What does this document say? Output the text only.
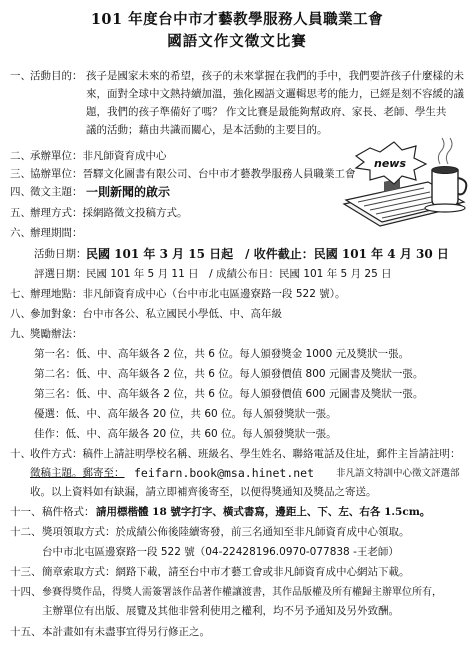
101 年度台中市才藝教學服務人員職業工會
國語文作文徵文比賽
一、 活動目的： 孩子是國家未來的希望，孩子的未來掌握在我們的手中，我們要許孩子什麼樣的未
來，面對全球中文熱持續加溫，強化國語文邏輯思考的能力，已經是刻不容緩的議
題，我們的孩子準備好了嗎？ 作文比賽是最能夠幫政府、家長、老師、學生共
議的活動；藉由共識而關心，是本活動的主要目的。
二、 承辦單位：非凡師資育成中心
三、 協辦單位：晉驛文化圖書有限公司、台中市才藝教學服務人員職業工會
四、 徵文主題： 一則新聞的啟示
五、 辦理方式：採網路徵文投稿方式。
六、 辦理期間：
活動日期： 民國 101 年 3 月 15 日起　/ 收件截止：民國 101 年 4 月 30 日
評選日期： 民國 101 年 5 月 11 日　/ 成績公布日：民國 101 年 5 月 25 日
七、 辦理地點：非凡師資育成中心（台中市北屯區邊寮路一段 522 號）。
八、 參加對象：台中市各公、私立國民小學低、中、高年級
九、 獎勵辦法：
第一名：低、中、高年級各 2 位，共 6 位。每人頒發獎金 1000 元及獎狀一張。
第二名：低、中、高年級各 2 位，共 6 位。每人頒發價值 800 元圖書及獎狀一張。
第三名：低、中、高年級各 2 位，共 6 位。每人頒發價值 600 元圖書及獎狀一張。
優選：低、中、高年級各 20 位，共 60 位。每人頒發獎狀一張。
佳作：低、中、高年級各 20 位，共 60 位。每人頒發獎狀一張。
十、 收件方式：稿件上請註明學校名稱、班級名、學生姓名、聯絡電話及住址，郵件主旨請註明：
徵稿主題。郵寄至： feifarn.book@msa.hinet.net 非凡語文特訓中心徵文評選部
收。以上資料如有缺漏，請立即補齊後寄至，以便得獎通知及獎品之寄送。
十一、 稿件格式： 請用標楷體 18 號字打字、橫式書寫，邊距上、下、左、右各 1.5cm。
十二、 獎項領取方式：於成績公佈後陸續寄發，前三名通知至非凡師資育成中心領取。
台中市北屯區邊寮路一段 522 號（04-22428196.0970-077838 -王老師）
十三、 簡章索取方式：網路下載，請至台中市才藝工會或非凡師資育成中心網站下載。
十四、 參賽得獎作品，得獎人需簽署該作品著作權讓渡書，其作品版權及所有權歸主辦單位所有，
主辦單位有出版、展覽及其他非營利使用之權利，均不另予通知及另外致酬。
十五、 本計畫如有未盡事宜得另行修正之。
news
